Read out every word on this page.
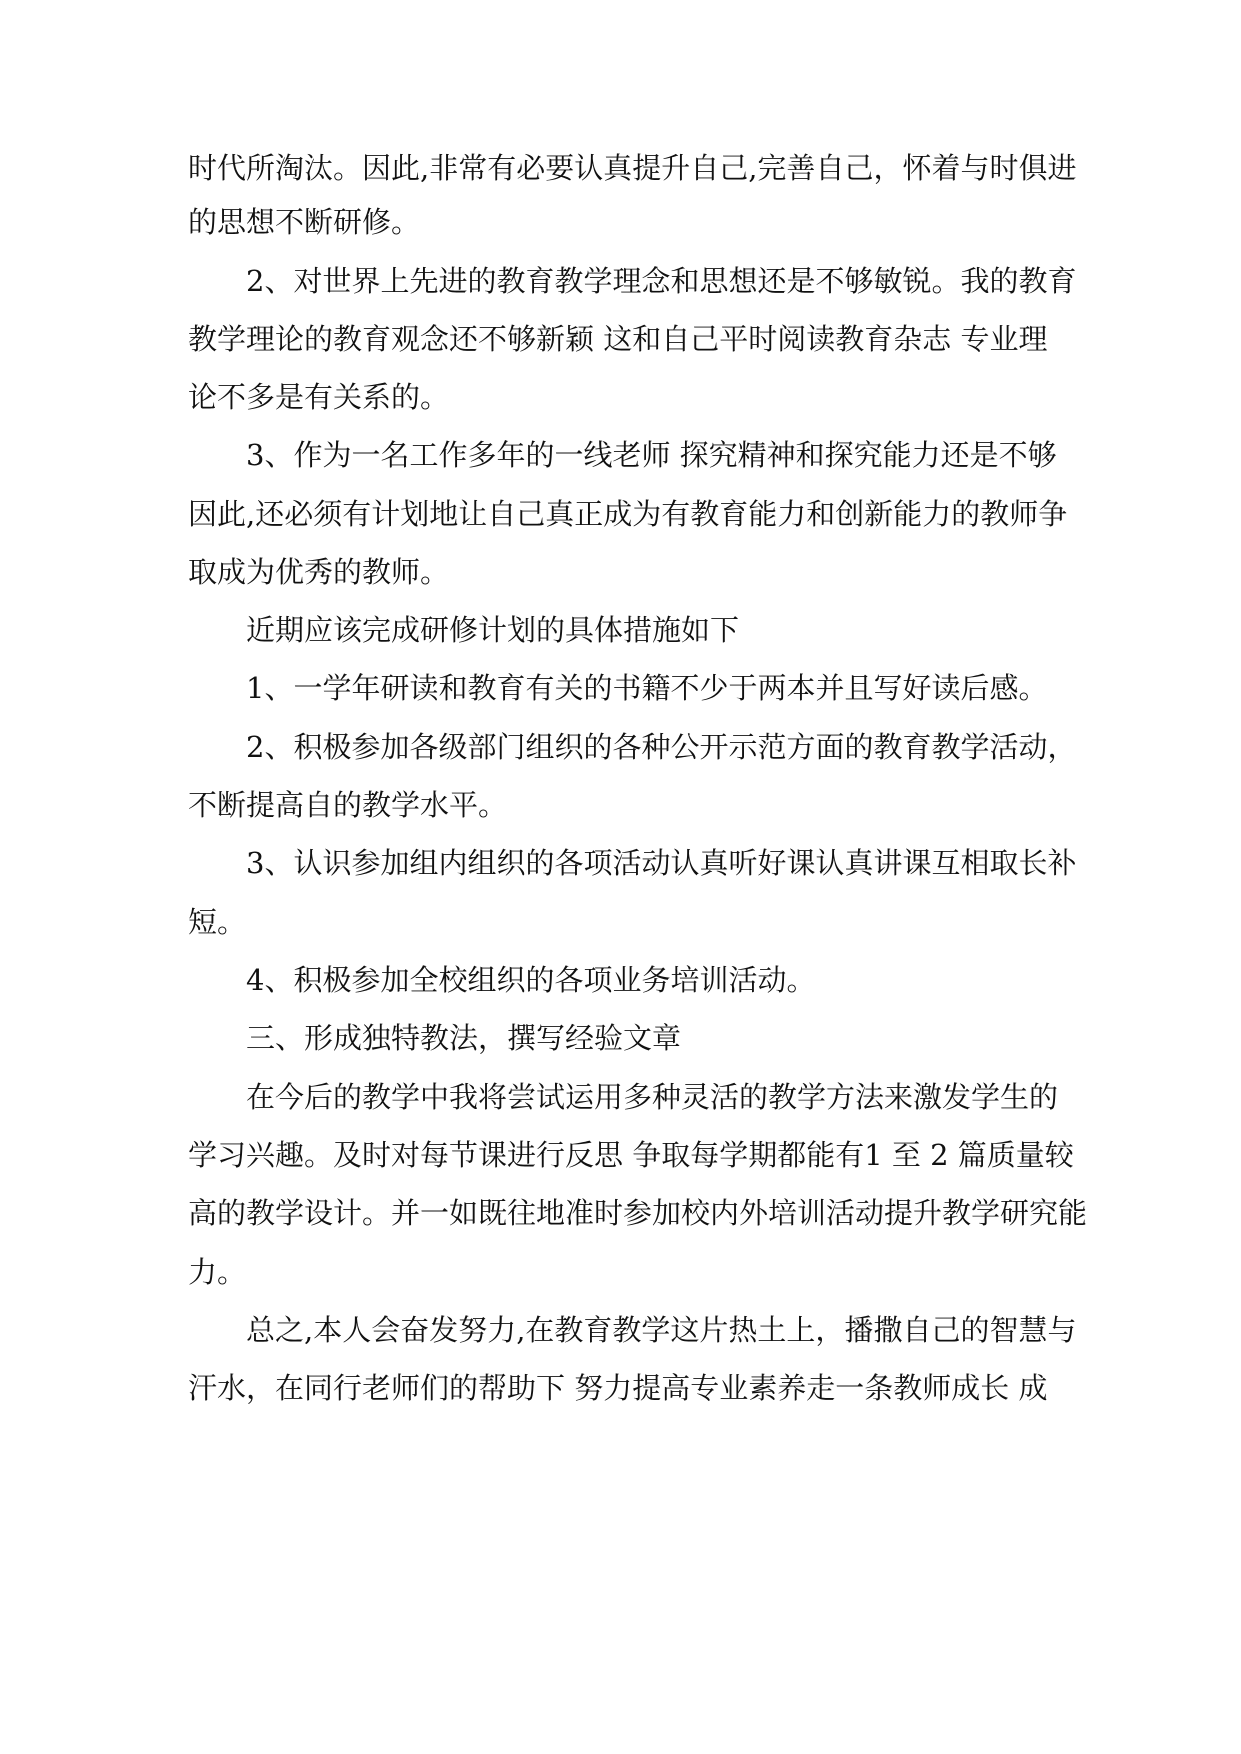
时代所淘汰。因此,非常有必要认真提升自己,完善自己，怀着与时俱进
的思想不断研修。
2、对世界上先进的教育教学理念和思想还是不够敏锐。我的教育
教学理论的教育观念还不够新颖 这和自己平时阅读教育杂志 专业理
论不多是有关系的。
3、作为一名工作多年的一线老师 探究精神和探究能力还是不够
因此,还必须有计划地让自己真正成为有教育能力和创新能力的教师争
取成为优秀的教师。
近期应该完成研修计划的具体措施如下
1、一学年研读和教育有关的书籍不少于两本并且写好读后感。
2、积极参加各级部门组织的各种公开示范方面的教育教学活动，
不断提高自的教学水平。
3、认识参加组内组织的各项活动认真听好课认真讲课互相取长补
短。
4、积极参加全校组织的各项业务培训活动。
三、形成独特教法，撰写经验文章
在今后的教学中我将尝试运用多种灵活的教学方法来激发学生的
学习兴趣。及时对每节课进行反思 争取每学期都能有1 至 2 篇质量较
高的教学设计。并一如既往地准时参加校内外培训活动提升教学研究能
力。
总之,本人会奋发努力,在教育教学这片热土上，播撒自己的智慧与
汗水，在同行老师们的帮助下 努力提高专业素养走一条教师成长 成
